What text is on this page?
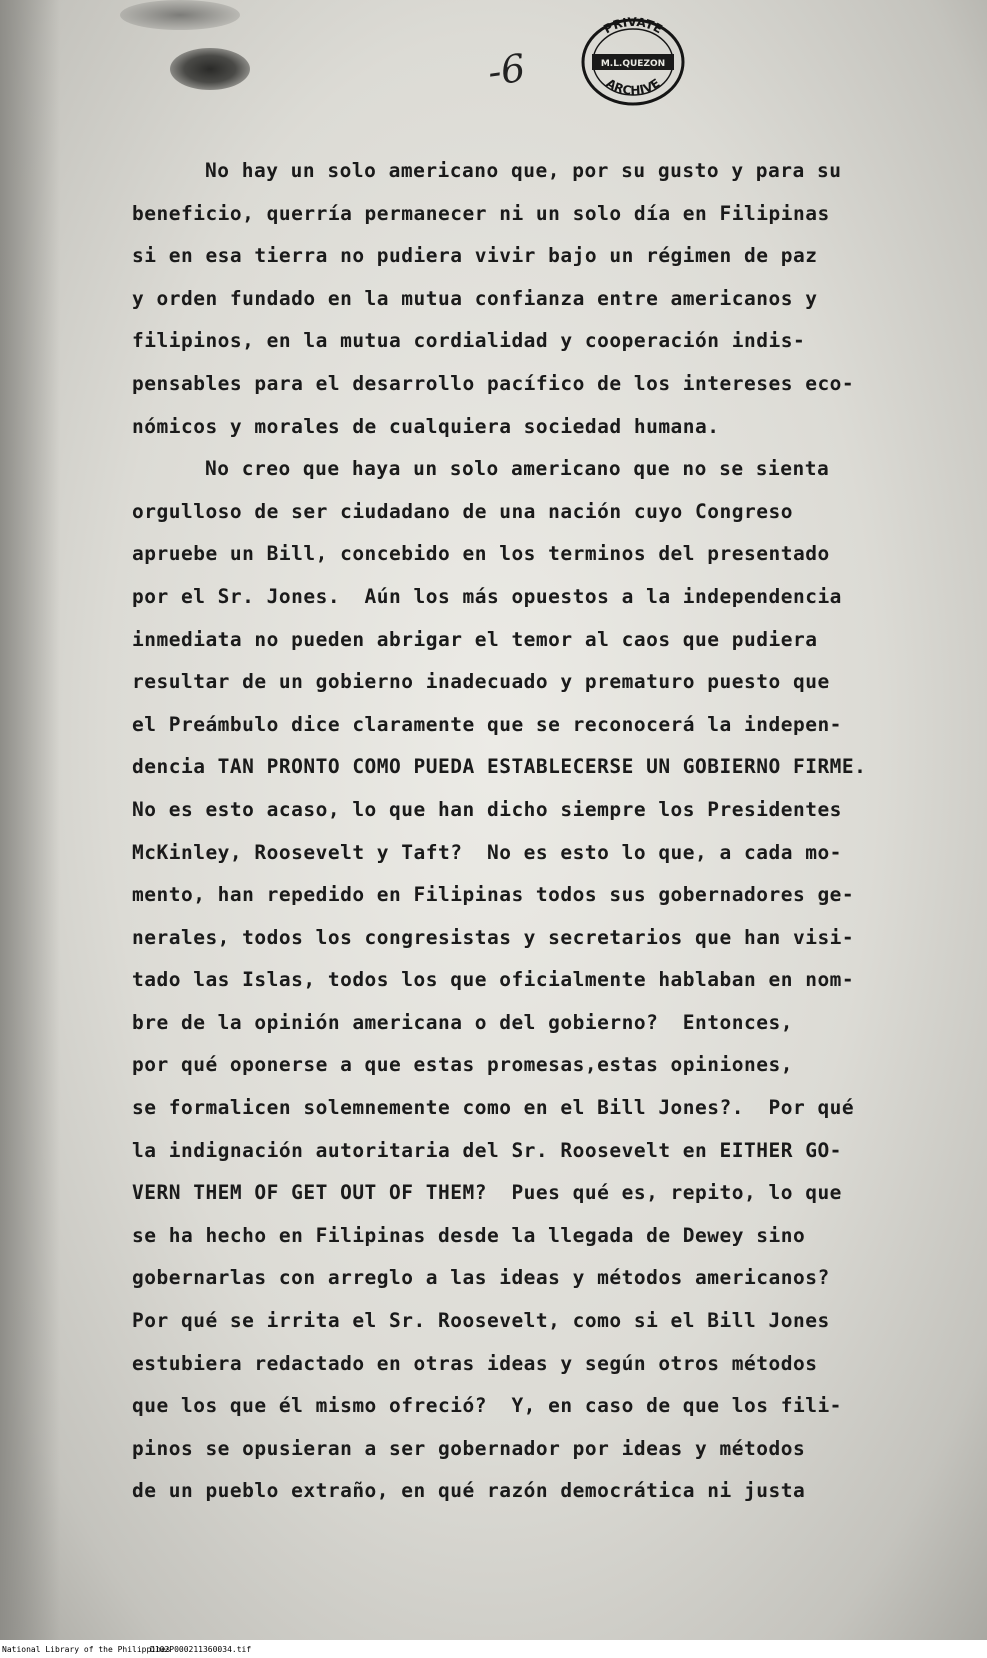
-6
PRIVATE
M.L.QUEZON
ARCHIVE
No hay un solo americano que, por su gusto y para su
beneficio, querría permanecer ni un solo día en Filipinas
si en esa tierra no pudiera vivir bajo un régimen de paz
y orden fundado en la mutua confianza entre americanos y
filipinos, en la mutua cordialidad y cooperación indis-
pensables para el desarrollo pacífico de los intereses eco-
nómicos y morales de cualquiera sociedad humana.
No creo que haya un solo americano que no se sienta
orgulloso de ser ciudadano de una nación cuyo Congreso
apruebe un Bill, concebido en los terminos del presentado
por el Sr. Jones.  Aún los más opuestos a la independencia
inmediata no pueden abrigar el temor al caos que pudiera
resultar de un gobierno inadecuado y prematuro puesto que
el Preámbulo dice claramente que se reconocerá la indepen-
dencia TAN PRONTO COMO PUEDA ESTABLECERSE UN GOBIERNO FIRME.
No es esto acaso, lo que han dicho siempre los Presidentes
McKinley, Roosevelt y Taft?  No es esto lo que, a cada mo-
mento, han repedido en Filipinas todos sus gobernadores ge-
nerales, todos los congresistas y secretarios que han visi-
tado las Islas, todos los que oficialmente hablaban en nom-
bre de la opinión americana o del gobierno?  Entonces,
por qué oponerse a que estas promesas,estas opiniones,
se formalicen solemnemente como en el Bill Jones?.  Por qué
la indignación autoritaria del Sr. Roosevelt en EITHER GO-
VERN THEM OF GET OUT OF THEM?  Pues qué es, repito, lo que
se ha hecho en Filipinas desde la llegada de Dewey sino
gobernarlas con arreglo a las ideas y métodos americanos?
Por qué se irrita el Sr. Roosevelt, como si el Bill Jones
estubiera redactado en otras ideas y según otros métodos
que los que él mismo ofreció?  Y, en caso de que los fili-
pinos se opusieran a ser gobernador por ideas y métodos
de un pueblo extraño, en qué razón democrática ni justa
National Library of the Philippines
D102P000211360034.tif
